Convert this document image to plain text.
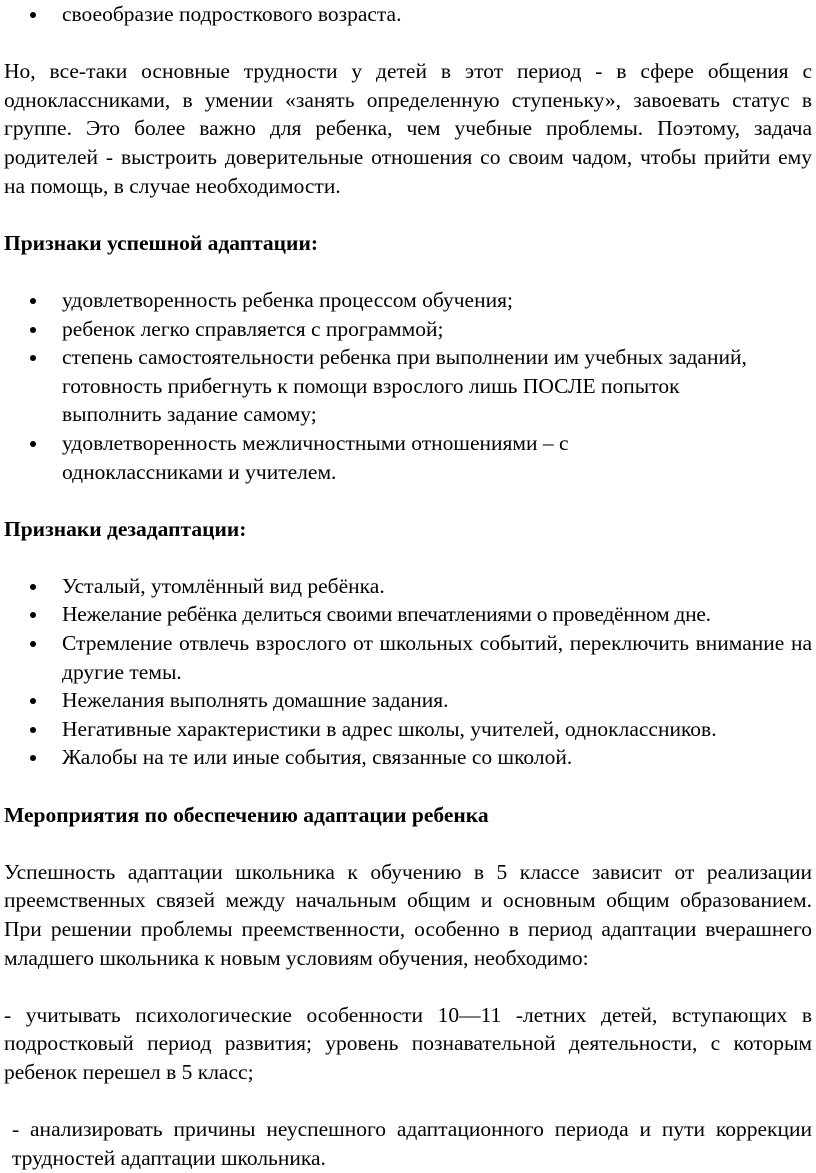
своеобразие подросткового возраста.

Но, все-таки основные трудности у детей в этот период - в сфере общения с одноклассниками, в умении «занять определенную ступеньку», завоевать статус в группе. Это более важно для ребенка, чем учебные проблемы. Поэтому, задача родителей - выстроить доверительные отношения со своим чадом, чтобы прийти ему на помощь, в случае необходимости.

Признаки успешной адаптации:

удовлетворенность ребенка процессом обучения;
ребенок легко справляется с программой;
степень самостоятельности ребенка при выполнении им учебных заданий, готовность прибегнуть к помощи взрослого лишь ПОСЛЕ попыток выполнить задание самому;
удовлетворенность межличностными отношениями – с одноклассниками и учителем.

Признаки дезадаптации:

Усталый, утомлённый вид ребёнка.
Нежелание ребёнка делиться своими впечатлениями о проведённом дне.
Стремление отвлечь взрослого от школьных событий, переключить внимание на другие темы.
Нежелания выполнять домашние задания.
Негативные характеристики в адрес школы, учителей, одноклассников.
Жалобы на те или иные события, связанные со школой.

Мероприятия по обеспечению адаптации ребенка

Успешность адаптации школьника к обучению в 5 классе зависит от реализации преемственных связей между начальным общим и основным общим образованием. При решении проблемы преемственности, особенно в период адаптации вчерашнего младшего школьника к новым условиям обучения, необходимо:

- учитывать психологические особенности 10—11 -летних детей, вступающих в подростковый период развития; уровень познавательной деятельности, с которым ребенок перешел в 5 класс;

- анализировать причины неуспешного адаптационного периода и пути коррекции трудностей адаптации школьника.
